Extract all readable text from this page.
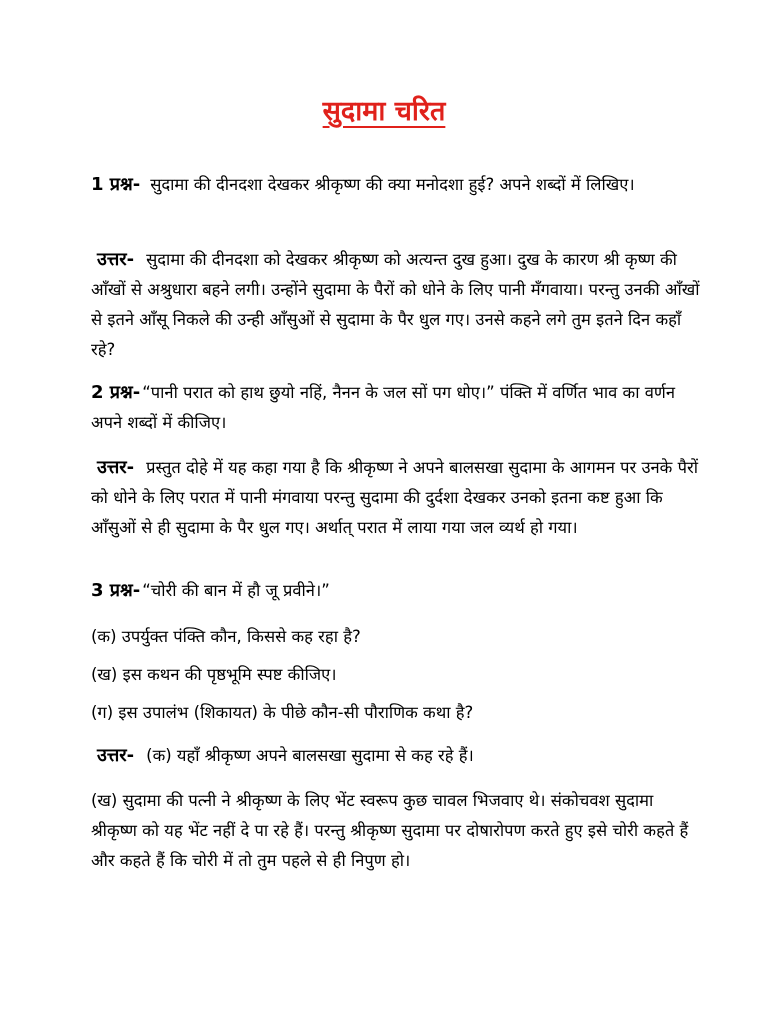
सुदामा चरित

1 प्रश्न- सुदामा की दीनदशा देखकर श्रीकृष्ण की क्या मनोदशा हुई? अपने शब्दों में लिखिए।

उत्तर- सुदामा की दीनदशा को देखकर श्रीकृष्ण को अत्यन्त दुख हुआ। दुख के कारण श्री कृष्ण की आँखों से अश्रुधारा बहने लगी। उन्होंने सुदामा के पैरों को धोने के लिए पानी मँगवाया। परन्तु उनकी आँखों से इतने आँसू निकले की उन्ही आँसुओं से सुदामा के पैर धुल गए। उनसे कहने लगे तुम इतने दिन कहाँ रहे?

2 प्रश्न- “पानी परात को हाथ छुयो नहिं, नैनन के जल सों पग धोए।” पंक्ति में वर्णित भाव का वर्णन अपने शब्दों में कीजिए।

उत्तर- प्रस्तुत दोहे में यह कहा गया है कि श्रीकृष्ण ने अपने बालसखा सुदामा के आगमन पर उनके पैरों को धोने के लिए परात में पानी मंगवाया परन्तु सुदामा की दुर्दशा देखकर उनको इतना कष्ट हुआ कि आँसुओं से ही सुदामा के पैर धुल गए। अर्थात् परात में लाया गया जल व्यर्थ हो गया।

3 प्रश्न- “चोरी की बान में हौ जू प्रवीने।”

(क) उपर्युक्त पंक्ति कौन, किससे कह रहा है?

(ख) इस कथन की पृष्ठभूमि स्पष्ट कीजिए।

(ग) इस उपालंभ (शिकायत) के पीछे कौन-सी पौराणिक कथा है?

उत्तर- (क) यहाँ श्रीकृष्ण अपने बालसखा सुदामा से कह रहे हैं।

(ख) सुदामा की पत्नी ने श्रीकृष्ण के लिए भेंट स्वरूप कुछ चावल भिजवाए थे। संकोचवश सुदामा श्रीकृष्ण को यह भेंट नहीं दे पा रहे हैं। परन्तु श्रीकृष्ण सुदामा पर दोषारोपण करते हुए इसे चोरी कहते हैं और कहते हैं कि चोरी में तो तुम पहले से ही निपुण हो।
